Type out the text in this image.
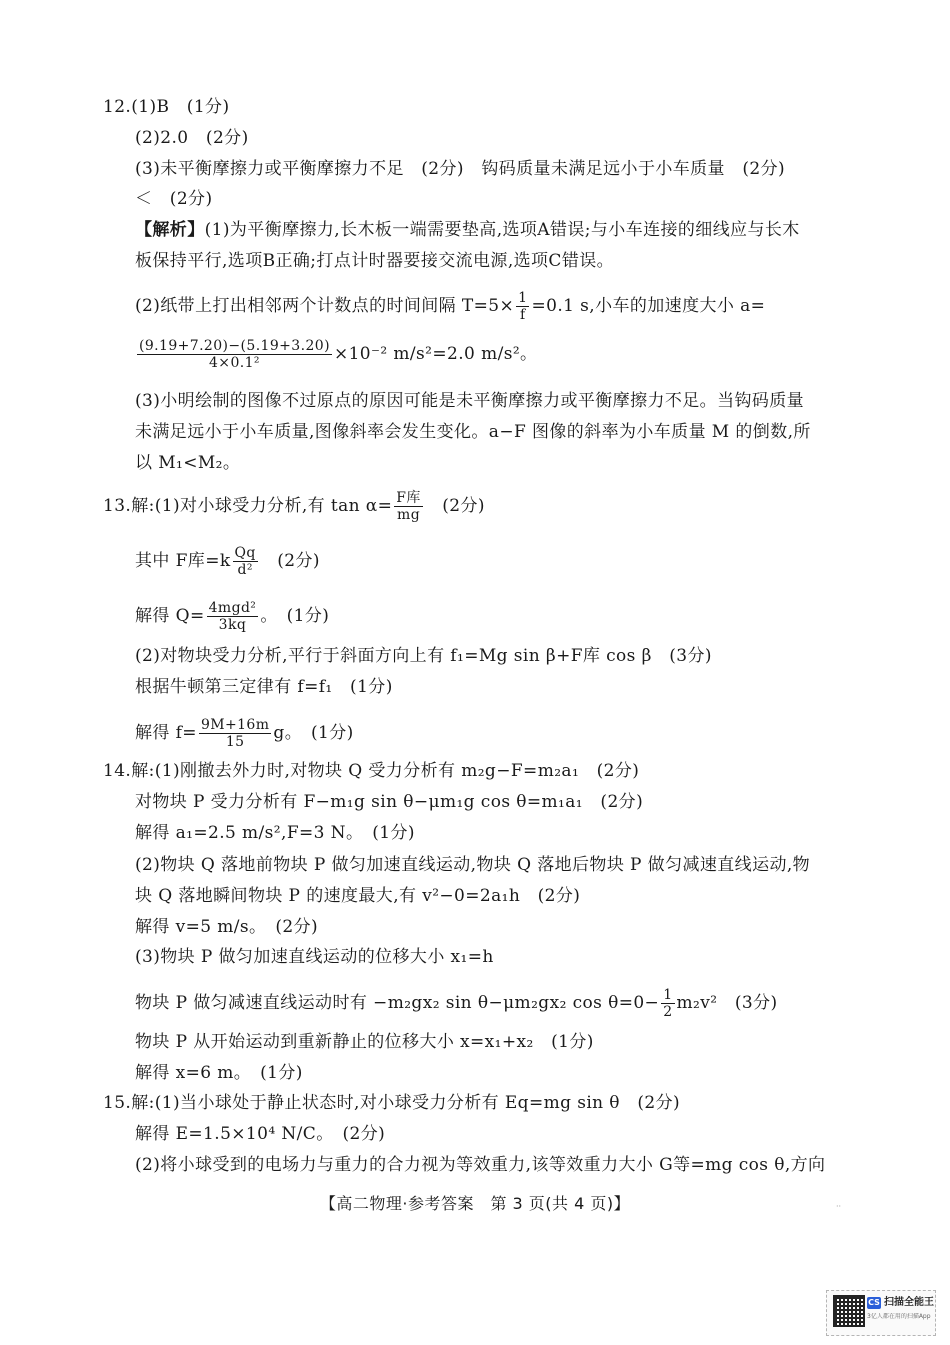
12.(1)B　(1分)
(2)2.0　(2分)
(3)未平衡摩擦力或平衡摩擦力不足　(2分)　钩码质量未满足远小于小车质量　(2分)
＜　(2分)
【解析】(1)为平衡摩擦力,长木板一端需要垫高,选项A错误;与小车连接的细线应与长木
板保持平行,选项B正确;打点计时器要接交流电源,选项C错误。
(2)纸带上打出相邻两个计数点的时间间隔 $T=5\times \frac{1}{f} =0.1$ s,小车的加速度大小 a=
$\frac{(9.19+7.20)-(5.19+3.20)}{\text{4×0.1²}} \times 10^{-2}$ m/s²=2.0 m/s²。
(3)小明绘制的图像不过原点的原因可能是未平衡摩擦力或平衡摩擦力不足。当钩码质量
未满足远小于小车质量,图像斜率会发生变化。a−F 图像的斜率为小车质量 M 的倒数,所
以 M₁<M₂。
13.解:(1)对小球受力分析,有 $\tan \alpha= \frac{\text{F库}}{mg}$ 　(2分)
其中 F库$=k \frac{Qq}{\text{d²}}$ 　(2分)
解得 $Q= \frac{\text{4mgd²}}{3kq}$ 。　(1分)
(2)对物块受力分析,平行于斜面方向上有 f₁=Mg sin β+F库 cos β　(3分)
根据牛顿第三定律有 f=f₁　(1分)
解得 $f= \frac{9M+16m}{15}$ g。　(1分)
14.解:(1)刚撤去外力时,对物块 Q 受力分析有 m₂g−F=m₂a₁　(2分)
对物块 P 受力分析有 F−m₁g sin θ−μm₁g cos θ=m₁a₁　(2分)
解得 a₁=2.5 m/s²,F=3 N。　(1分)
(2)物块 Q 落地前物块 P 做匀加速直线运动,物块 Q 落地后物块 P 做匀减速直线运动,物
块 Q 落地瞬间物块 P 的速度最大,有 v²−0=2a₁h　(2分)
解得 v=5 m/s。　(2分)
(3)物块 P 做匀加速直线运动的位移大小 x₁=h
物块 P 做匀减速直线运动时有 −m₂gx₂ sin θ−μm₂gx₂ $\cos \theta=0- \frac{1}{2} m_2v^2$　(3分)
物块 P 从开始运动到重新静止的位移大小 x=x₁+x₂　(1分)
解得 x=6 m。　(1分)
15.解:(1)当小球处于静止状态时,对小球受力分析有 Eq=mg sin θ　(2分)
解得 E=1.5×10⁴ N/C。　(2分)
(2)将小球受到的电场力与重力的合力视为等效重力,该等效重力大小 G等=mg cos θ,方向
【高二物理·参考答案　第 3 页(共 4 页)】	··
CS 扫描全能王
3亿人都在用的扫描App
